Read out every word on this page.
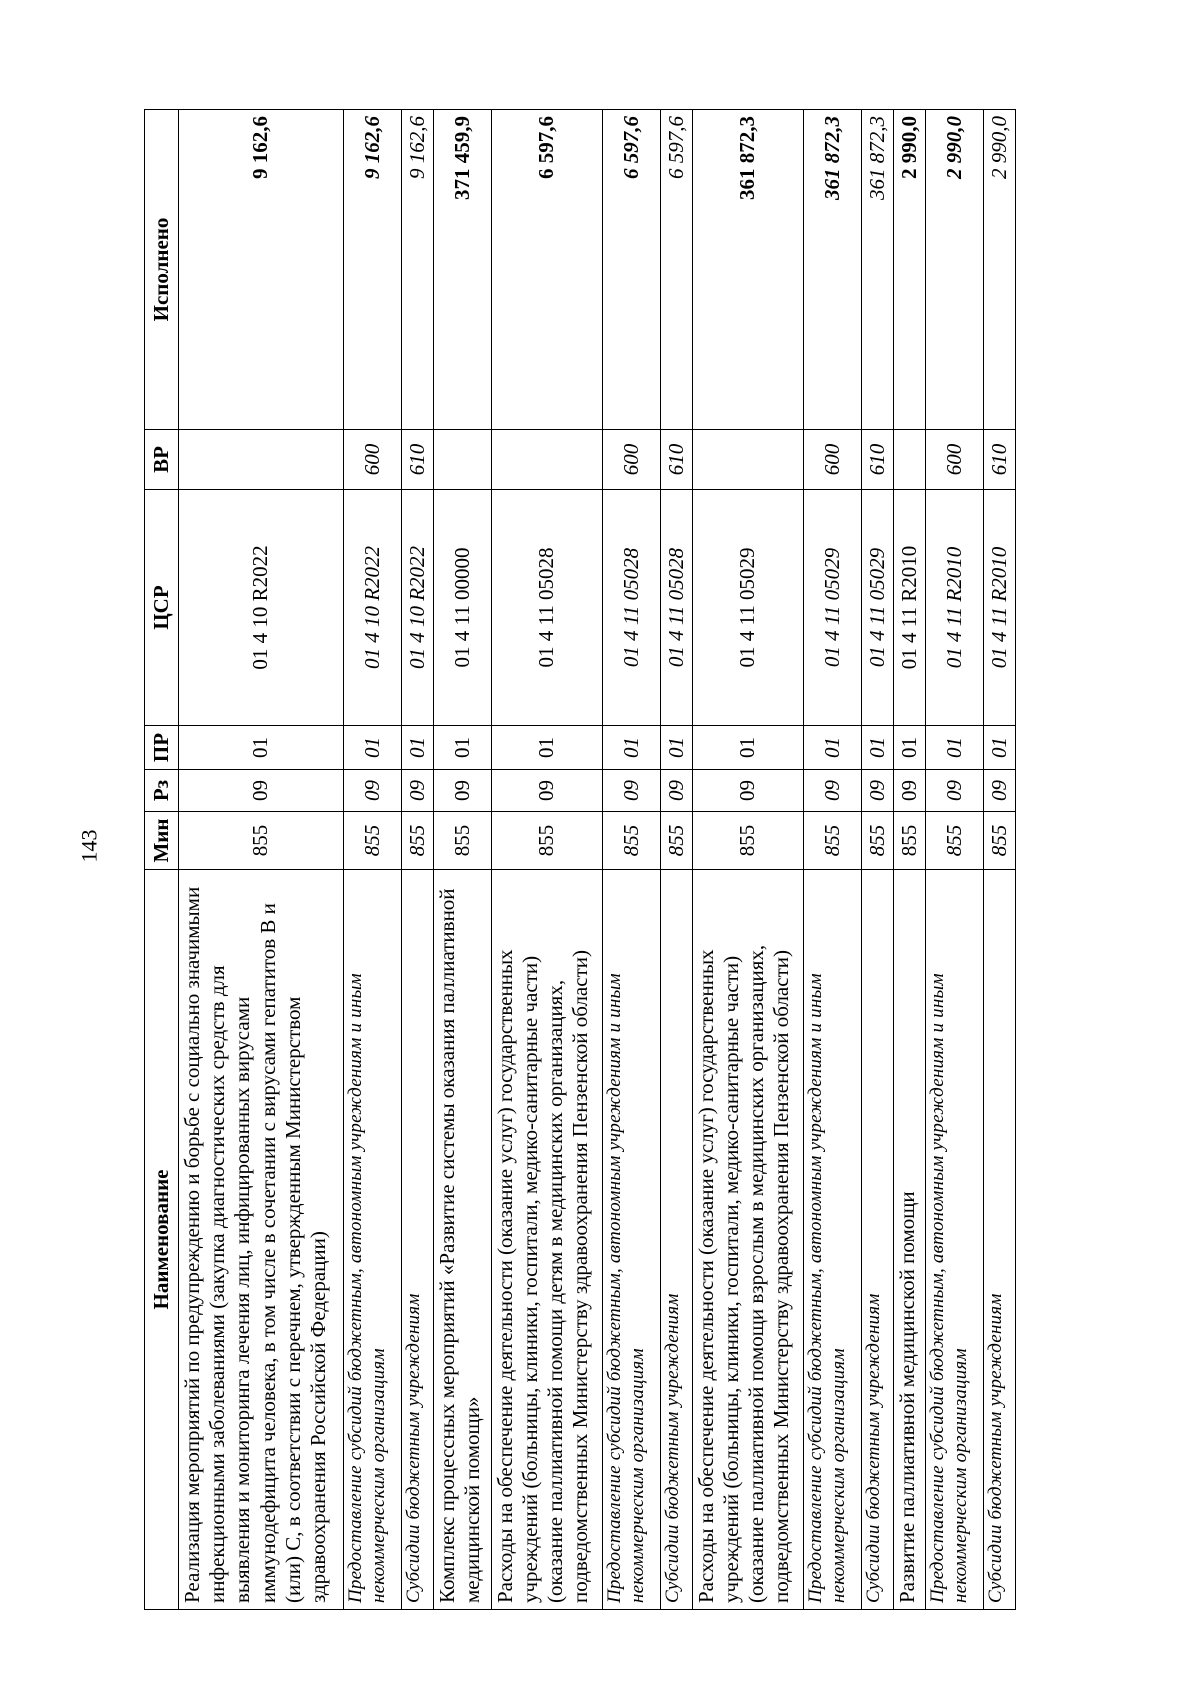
143
Наименование	Мин	Рз	ПР	ЦСР	ВР	Исполнено
Реализация мероприятий по предупреждению и борьбе с социально значимыми инфекционными заболеваниями (закупка диагностических средств для выявления и мониторинга лечения лиц, инфицированных вирусами иммунодефицита человека, в том числе в сочетании с вирусами гепатитов B и (или) C, в соответствии с перечнем, утвержденным Министерством здравоохранения Российской Федерации)	855	09	01	01 4 10 R2022		9 162,6
Предоставление субсидий бюджетным, автономным учреждениям и иным некоммерческим организациям	855	09	01	01 4 10 R2022	600	9 162,6
Субсидии бюджетным учреждениям	855	09	01	01 4 10 R2022	610	9 162,6
Комплекс процессных мероприятий «Развитие системы оказания паллиативной медицинской помощи»	855	09	01	01 4 11 00000		371 459,9
Расходы на обеспечение деятельности (оказание услуг) государственных учреждений (больницы, клиники, госпитали, медико-санитарные части) (оказание паллиативной помощи детям в медицинских организациях, подведомственных Министерству здравоохранения Пензенской области)	855	09	01	01 4 11 05028		6 597,6
Предоставление субсидий бюджетным, автономным учреждениям и иным некоммерческим организациям	855	09	01	01 4 11 05028	600	6 597,6
Субсидии бюджетным учреждениям	855	09	01	01 4 11 05028	610	6 597,6
Расходы на обеспечение деятельности (оказание услуг) государственных учреждений (больницы, клиники, госпитали, медико-санитарные части) (оказание паллиативной помощи взрослым в медицинских организациях, подведомственных Министерству здравоохранения Пензенской области)	855	09	01	01 4 11 05029		361 872,3
Предоставление субсидий бюджетным, автономным учреждениям и иным некоммерческим организациям	855	09	01	01 4 11 05029	600	361 872,3
Субсидии бюджетным учреждениям	855	09	01	01 4 11 05029	610	361 872,3
Развитие паллиативной медицинской помощи	855	09	01	01 4 11 R2010		2 990,0
Предоставление субсидий бюджетным, автономным учреждениям и иным некоммерческим организациям	855	09	01	01 4 11 R2010	600	2 990,0
Субсидии бюджетным учреждениям	855	09	01	01 4 11 R2010	610	2 990,0
